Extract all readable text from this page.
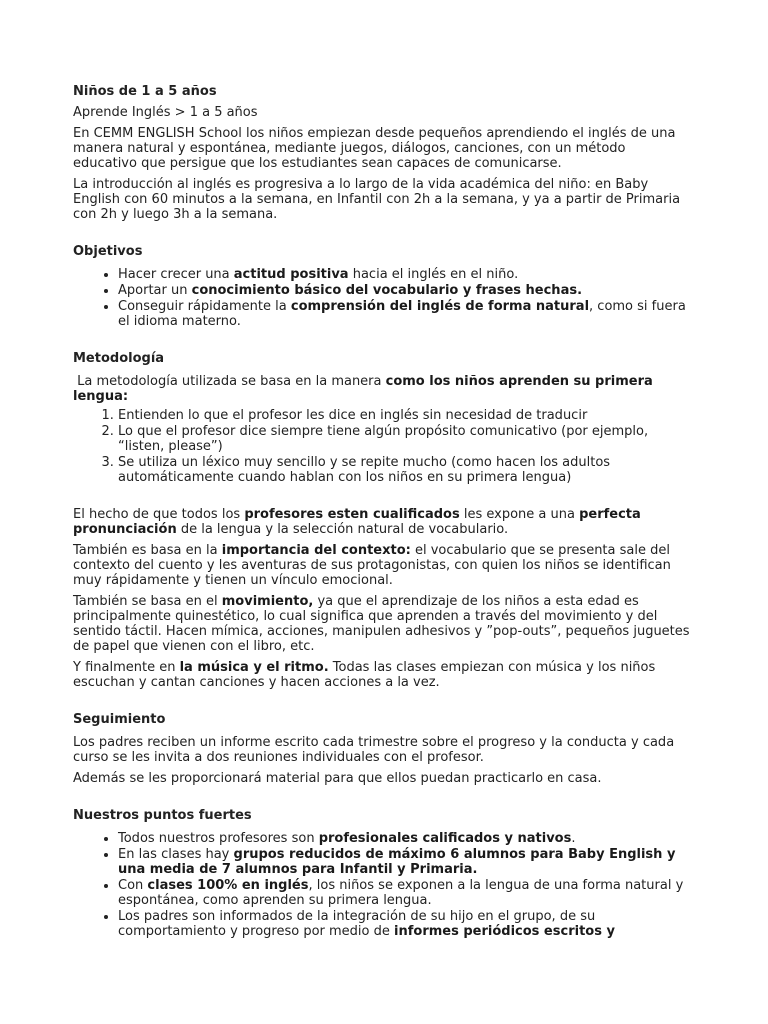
Niños de 1 a 5 años

Aprende Inglés > 1 a 5 años

En CEMM ENGLISH School los niños empiezan desde pequeños aprendiendo el inglés de una manera natural y espontánea, mediante juegos, diálogos, canciones, con un método educativo que persigue que los estudiantes sean capaces de comunicarse.

La introducción al inglés es progresiva a lo largo de la vida académica del niño: en Baby English con 60 minutos a la semana, en Infantil con 2h a la semana, y ya a partir de Primaria con 2h y luego 3h a la semana.

Objetivos

• Hacer crecer una actitud positiva hacia el inglés en el niño.
• Aportar un conocimiento básico del vocabulario y frases hechas.
• Conseguir rápidamente la comprensión del inglés de forma natural, como si fuera el idioma materno.

Metodología

La metodología utilizada se basa en la manera como los niños aprenden su primera lengua:

1. Entienden lo que el profesor les dice en inglés sin necesidad de traducir
2. Lo que el profesor dice siempre tiene algún propósito comunicativo (por ejemplo, “listen, please”)
3. Se utiliza un léxico muy sencillo y se repite mucho (como hacen los adultos automáticamente cuando hablan con los niños en su primera lengua)

El hecho de que todos los profesores esten cualificados les expone a una perfecta pronunciación de la lengua y la selección natural de vocabulario.

También es basa en la importancia del contexto: el vocabulario que se presenta sale del contexto del cuento y les aventuras de sus protagonistas, con quien los niños se identifican muy rápidamente y tienen un vínculo emocional.

También se basa en el movimiento, ya que el aprendizaje de los niños a esta edad es principalmente quinestético, lo cual significa que aprenden a través del movimiento y del sentido táctil. Hacen mímica, acciones, manipulen adhesivos y ”pop-outs”, pequeños juguetes de papel que vienen con el libro, etc.

Y finalmente en la música y el ritmo. Todas las clases empiezan con música y los niños escuchan y cantan canciones y hacen acciones a la vez.

Seguimiento

Los padres reciben un informe escrito cada trimestre sobre el progreso y la conducta y cada curso se les invita a dos reuniones individuales con el profesor.

Además se les proporcionará material para que ellos puedan practicarlo en casa.

Nuestros puntos fuertes

• Todos nuestros profesores son profesionales calificados y nativos.
• En las clases hay grupos reducidos de máximo 6 alumnos para Baby English y una media de 7 alumnos para Infantil y Primaria.
• Con clases 100% en inglés, los niños se exponen a la lengua de una forma natural y espontánea, como aprenden su primera lengua.
• Los padres son informados de la integración de su hijo en el grupo, de su comportamiento y progreso por medio de informes periódicos escritos y
